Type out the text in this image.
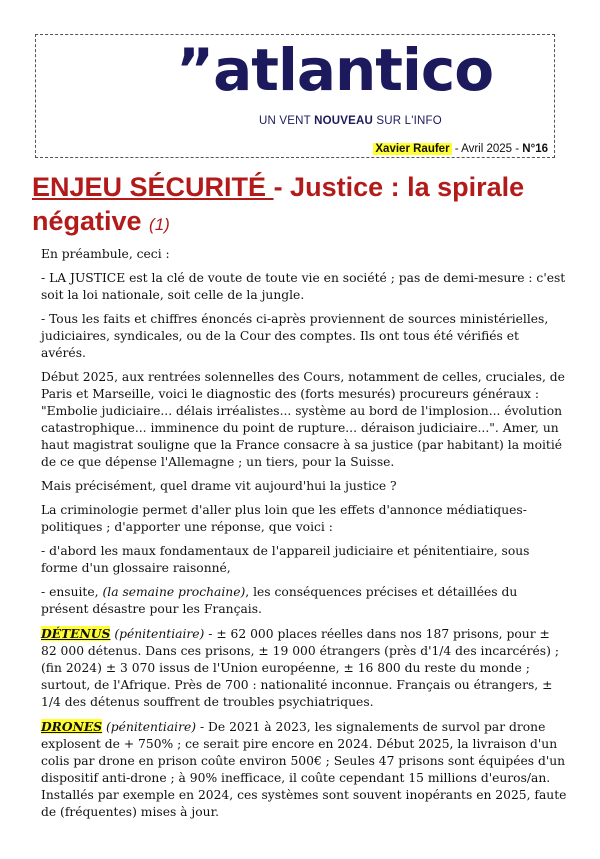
”atlantico
UN VENT NOUVEAU SUR L'INFO
Xavier Raufer - Avril 2025 - N°16
ENJEU SÉCURITÉ - Justice : la spirale négative (1)

En préambule, ceci :

- LA JUSTICE est la clé de voute de toute vie en société ; pas de demi-mesure : c'est soit la loi nationale, soit celle de la jungle.

- Tous les faits et chiffres énoncés ci-après proviennent de sources ministérielles, judiciaires, syndicales, ou de la Cour des comptes. Ils ont tous été vérifiés et avérés.

Début 2025, aux rentrées solennelles des Cours, notamment de celles, cruciales, de Paris et Marseille, voici le diagnostic des (forts mesurés) procureurs généraux : "Embolie judiciaire... délais irréalistes... système au bord de l'implosion... évolution catastrophique... imminence du point de rupture... déraison judiciaire...". Amer, un haut magistrat souligne que la France consacre à sa justice (par habitant) la moitié de ce que dépense l'Allemagne ; un tiers, pour la Suisse.

Mais précisément, quel drame vit aujourd'hui la justice ?

La criminologie permet d'aller plus loin que les effets d'annonce médiatiques-politiques ; d'apporter une réponse, que voici :

- d'abord les maux fondamentaux de l'appareil judiciaire et pénitentiaire, sous forme d'un glossaire raisonné,

- ensuite, (la semaine prochaine), les conséquences précises et détaillées du présent désastre pour les Français.

DÉTENUS (pénitentiaire) - ± 62 000 places réelles dans nos 187 prisons, pour ± 82 000 détenus. Dans ces prisons, ± 19 000 étrangers (près d'1/4 des incarcérés) ; (fin 2024) ± 3 070 issus de l'Union européenne, ± 16 800 du reste du monde ; surtout, de l'Afrique. Près de 700 : nationalité inconnue. Français ou étrangers, ± 1/4 des détenus souffrent de troubles psychiatriques.

DRONES (pénitentiaire) - De 2021 à 2023, les signalements de survol par drone explosent de + 750% ; ce serait pire encore en 2024. Début 2025, la livraison d'un colis par drone en prison coûte environ 500€ ; Seules 47 prisons sont équipées d'un dispositif anti-drone ; à 90% inefficace, il coûte cependant 15 millions d'euros/an. Installés par exemple en 2024, ces systèmes sont souvent inopérants en 2025, faute de (fréquentes) mises à jour.
